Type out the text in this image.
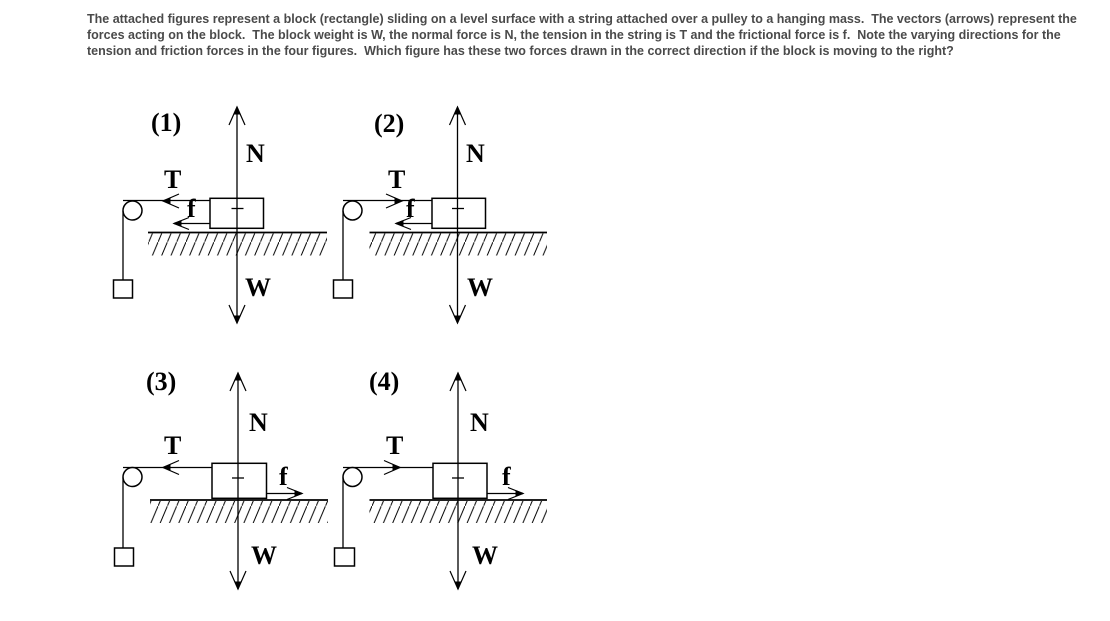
The attached figures represent a block (rectangle) sliding on a level surface with a string attached over a pulley to a hanging mass.  The vectors (arrows) represent the forces acting on the block.  The block weight is W, the normal force is N, the tension in the string is T and the frictional force is f.  Note the varying directions for the tension and friction forces in the four figures.  Which figure has these two forces drawn in the correct direction if the block is moving to the right?
(1)
T
N
f
W
(2)
T
N
f
W
(3)
T
N
f
W
(4)
T
N
f
W
